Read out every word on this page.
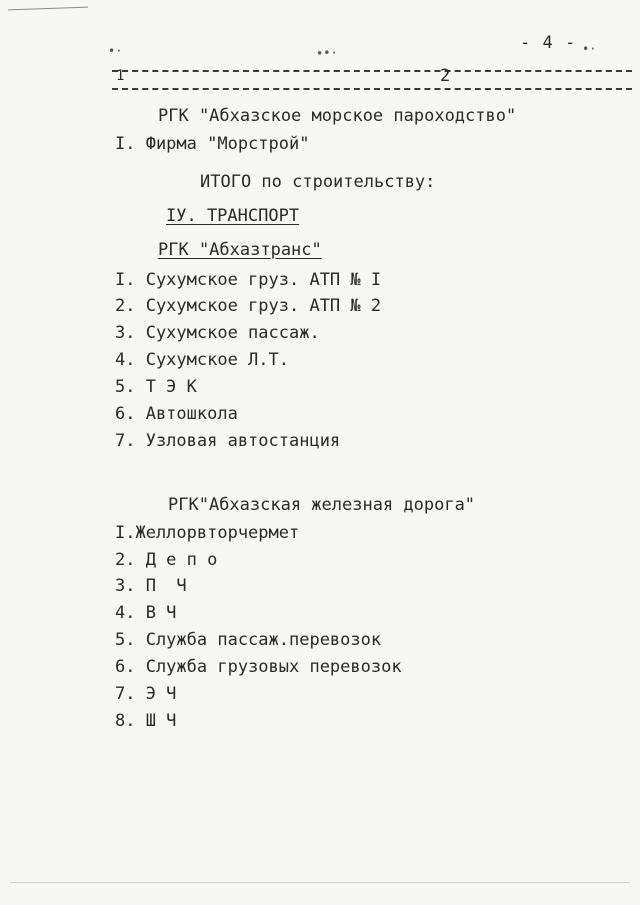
- 4 -
•·	∙•·	•·
1	2
РГК "Абхазское морское пароходство"
I. Фирма "Морстрой"
ИТОГО по строительству:
IУ. ТРАНСПОРТ
РГК "Абхазтранс"
I. Сухумское груз. АТП № I
2. Сухумское груз. АТП № 2
3. Сухумское пассаж.
4. Сухумское Л.Т.
5. Т Э К
6. Автошкола
7. Узловая автостанция
РГК"Абхазская железная дорога"
I.Желлорвторчермет
2. Д е п о
3. П  Ч
4. В Ч
5. Служба пассаж.перевозок
6. Служба грузовых перевозок
7. Э Ч
8. Ш Ч
